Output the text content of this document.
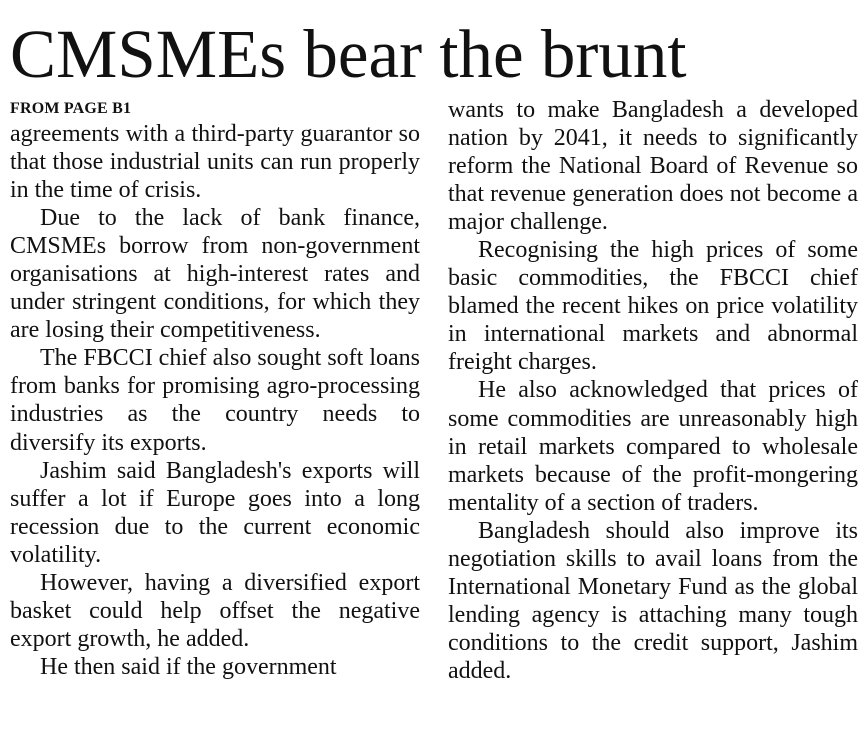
CMSMEs bear the brunt
FROM PAGE B1

agreements with a third-party guarantor so that those industrial units can run properly in the time of crisis.

Due to the lack of bank finance, CMSMEs borrow from non-government organisations at high-interest rates and under stringent conditions, for which they are losing their competitiveness.

The FBCCI chief also sought soft loans from banks for promising agro-processing industries as the country needs to diversify its exports.

Jashim said Bangladesh's exports will suffer a lot if Europe goes into a long recession due to the current economic volatility.

However, having a diversified export basket could help offset the negative export growth, he added.

He then said if the government

wants to make Bangladesh a developed nation by 2041, it needs to significantly reform the National Board of Revenue so that revenue generation does not become a major challenge.

Recognising the high prices of some basic commodities, the FBCCI chief blamed the recent hikes on price volatility in international markets and abnormal freight charges.

He also acknowledged that prices of some commodities are unreasonably high in retail markets compared to wholesale markets because of the profit-mongering mentality of a section of traders.

Bangladesh should also improve its negotiation skills to avail loans from the International Monetary Fund as the global lending agency is attaching many tough conditions to the credit support, Jashim added.
